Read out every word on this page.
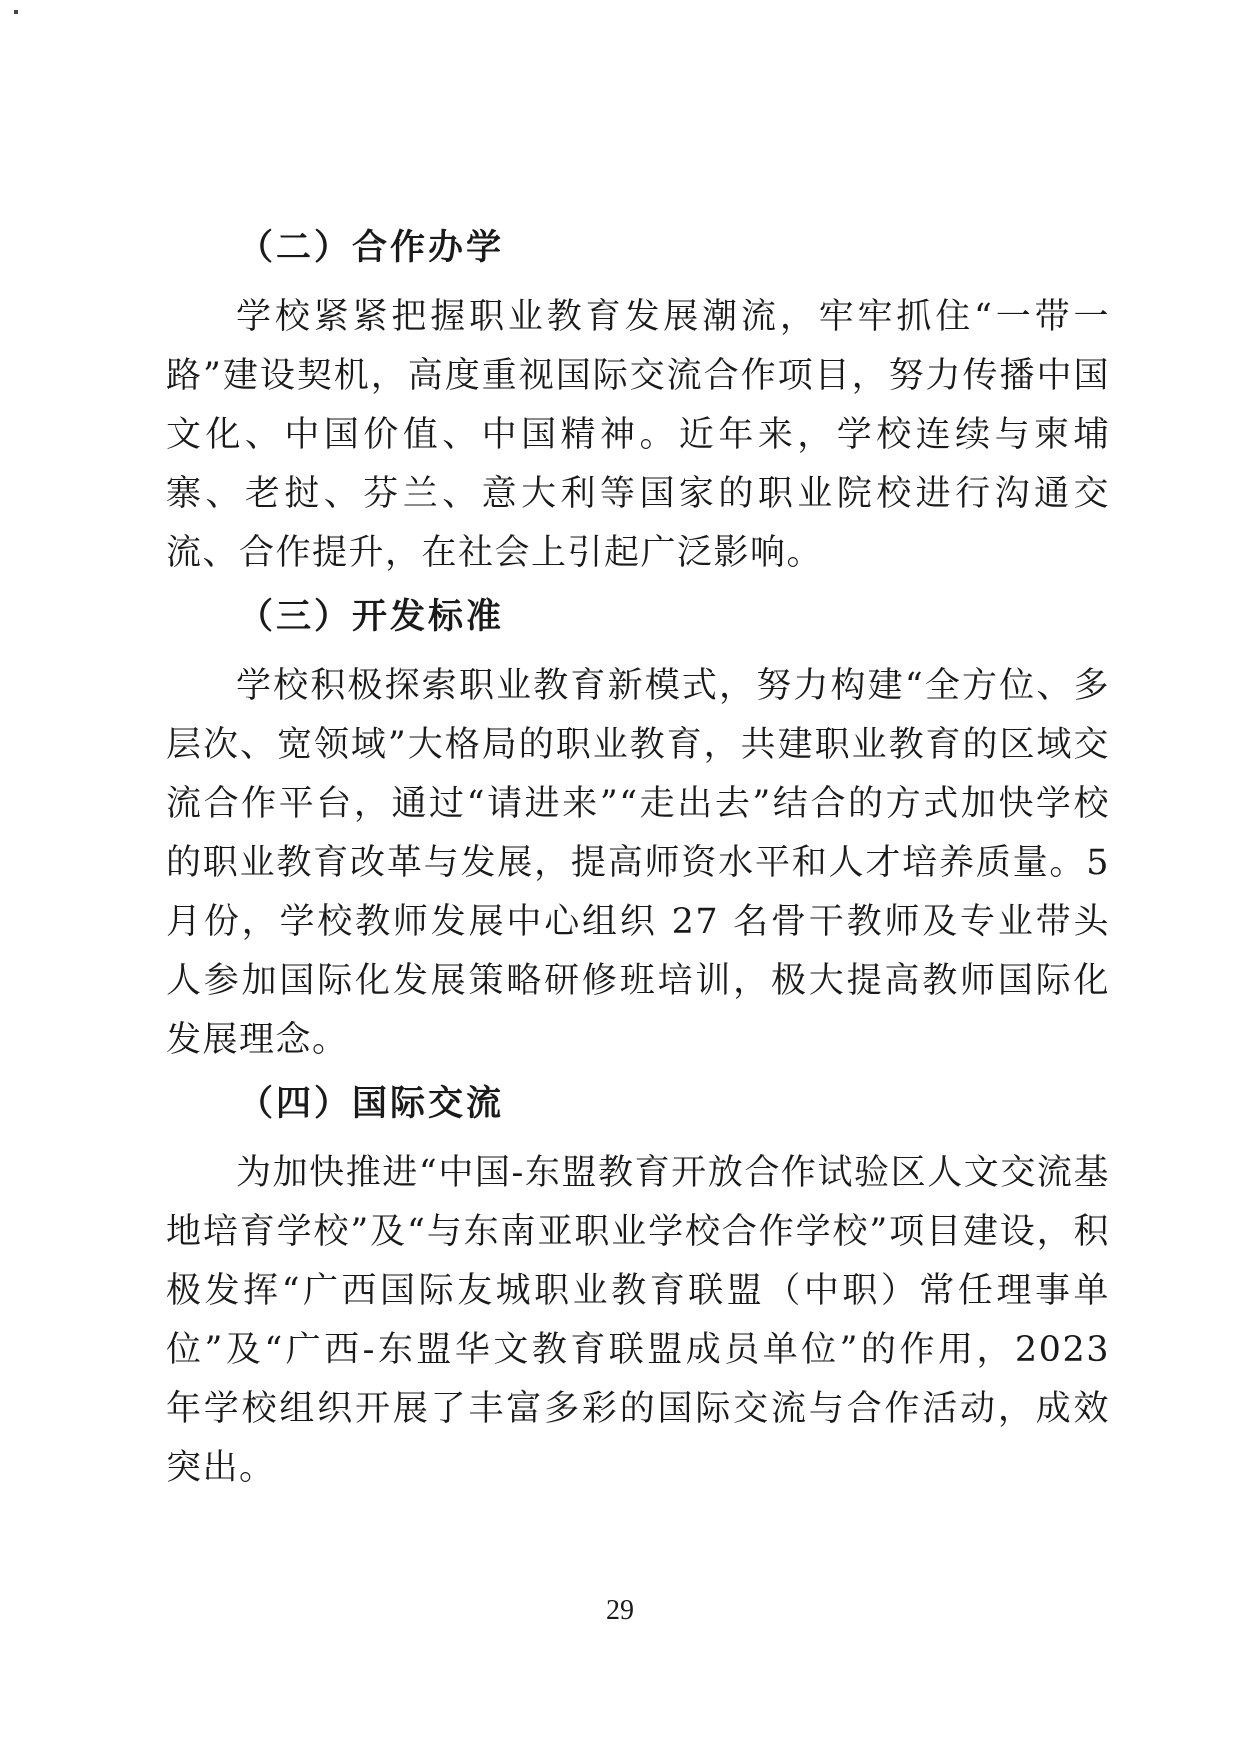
（二）合作办学

学校紧紧把握职业教育发展潮流，牢牢抓住“一带一路”建设契机，高度重视国际交流合作项目，努力传播中国文化、中国价值、中国精神。近年来，学校连续与柬埔寨、老挝、芬兰、意大利等国家的职业院校进行沟通交流、合作提升，在社会上引起广泛影响。

（三）开发标准

学校积极探索职业教育新模式，努力构建“全方位、多层次、宽领域”大格局的职业教育，共建职业教育的区域交流合作平台，通过“请进来”“走出去”结合的方式加快学校的职业教育改革与发展，提高师资水平和人才培养质量。5 月份，学校教师发展中心组织 27 名骨干教师及专业带头人参加国际化发展策略研修班培训，极大提高教师国际化发展理念。

（四）国际交流

为加快推进“中国-东盟教育开放合作试验区人文交流基地培育学校”及“与东南亚职业学校合作学校”项目建设，积极发挥“广西国际友城职业教育联盟（中职）常任理事单位”及“广西-东盟华文教育联盟成员单位”的作用，2023 年学校组织开展了丰富多彩的国际交流与合作活动，成效突出。

29
